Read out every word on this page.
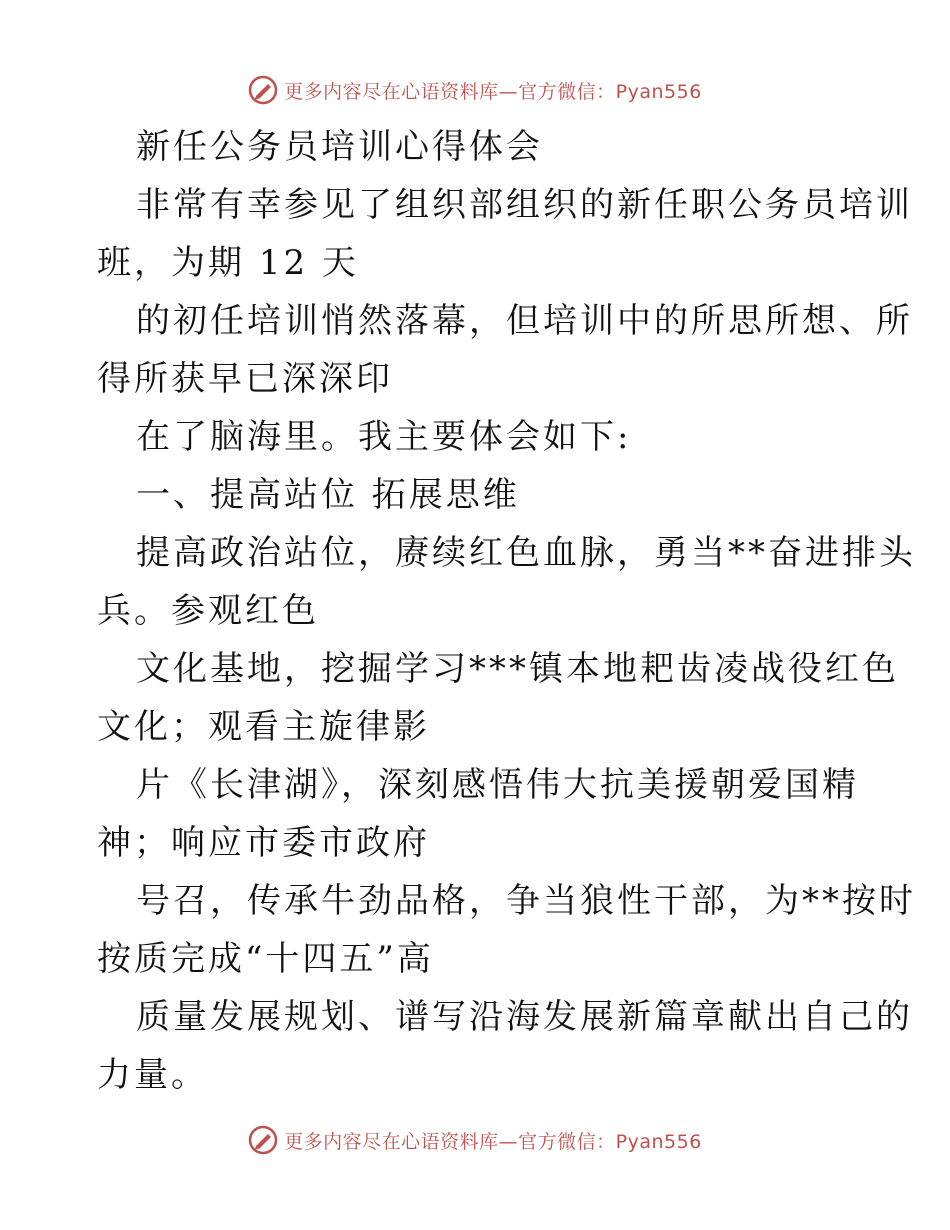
更多内容尽在心语资料库—官方微信：Pyan556
新任公务员培训心得体会
非常有幸参见了组织部组织的新任职公务员培训
班，为期 12 天
的初任培训悄然落幕，但培训中的所思所想、所
得所获早已深深印
在了脑海里。我主要体会如下:
一、提高站位 拓展思维
提高政治站位，赓续红色血脉，勇当**奋进排头
兵。参观红色
文化基地，挖掘学习***镇本地耙齿凌战役红色
文化；观看主旋律影
片《长津湖》，深刻感悟伟大抗美援朝爱国精
神；响应市委市政府
号召，传承牛劲品格，争当狼性干部，为**按时
按质完成“十四五”高
质量发展规划、谱写沿海发展新篇章献出自己的
力量。
更多内容尽在心语资料库—官方微信：Pyan556
